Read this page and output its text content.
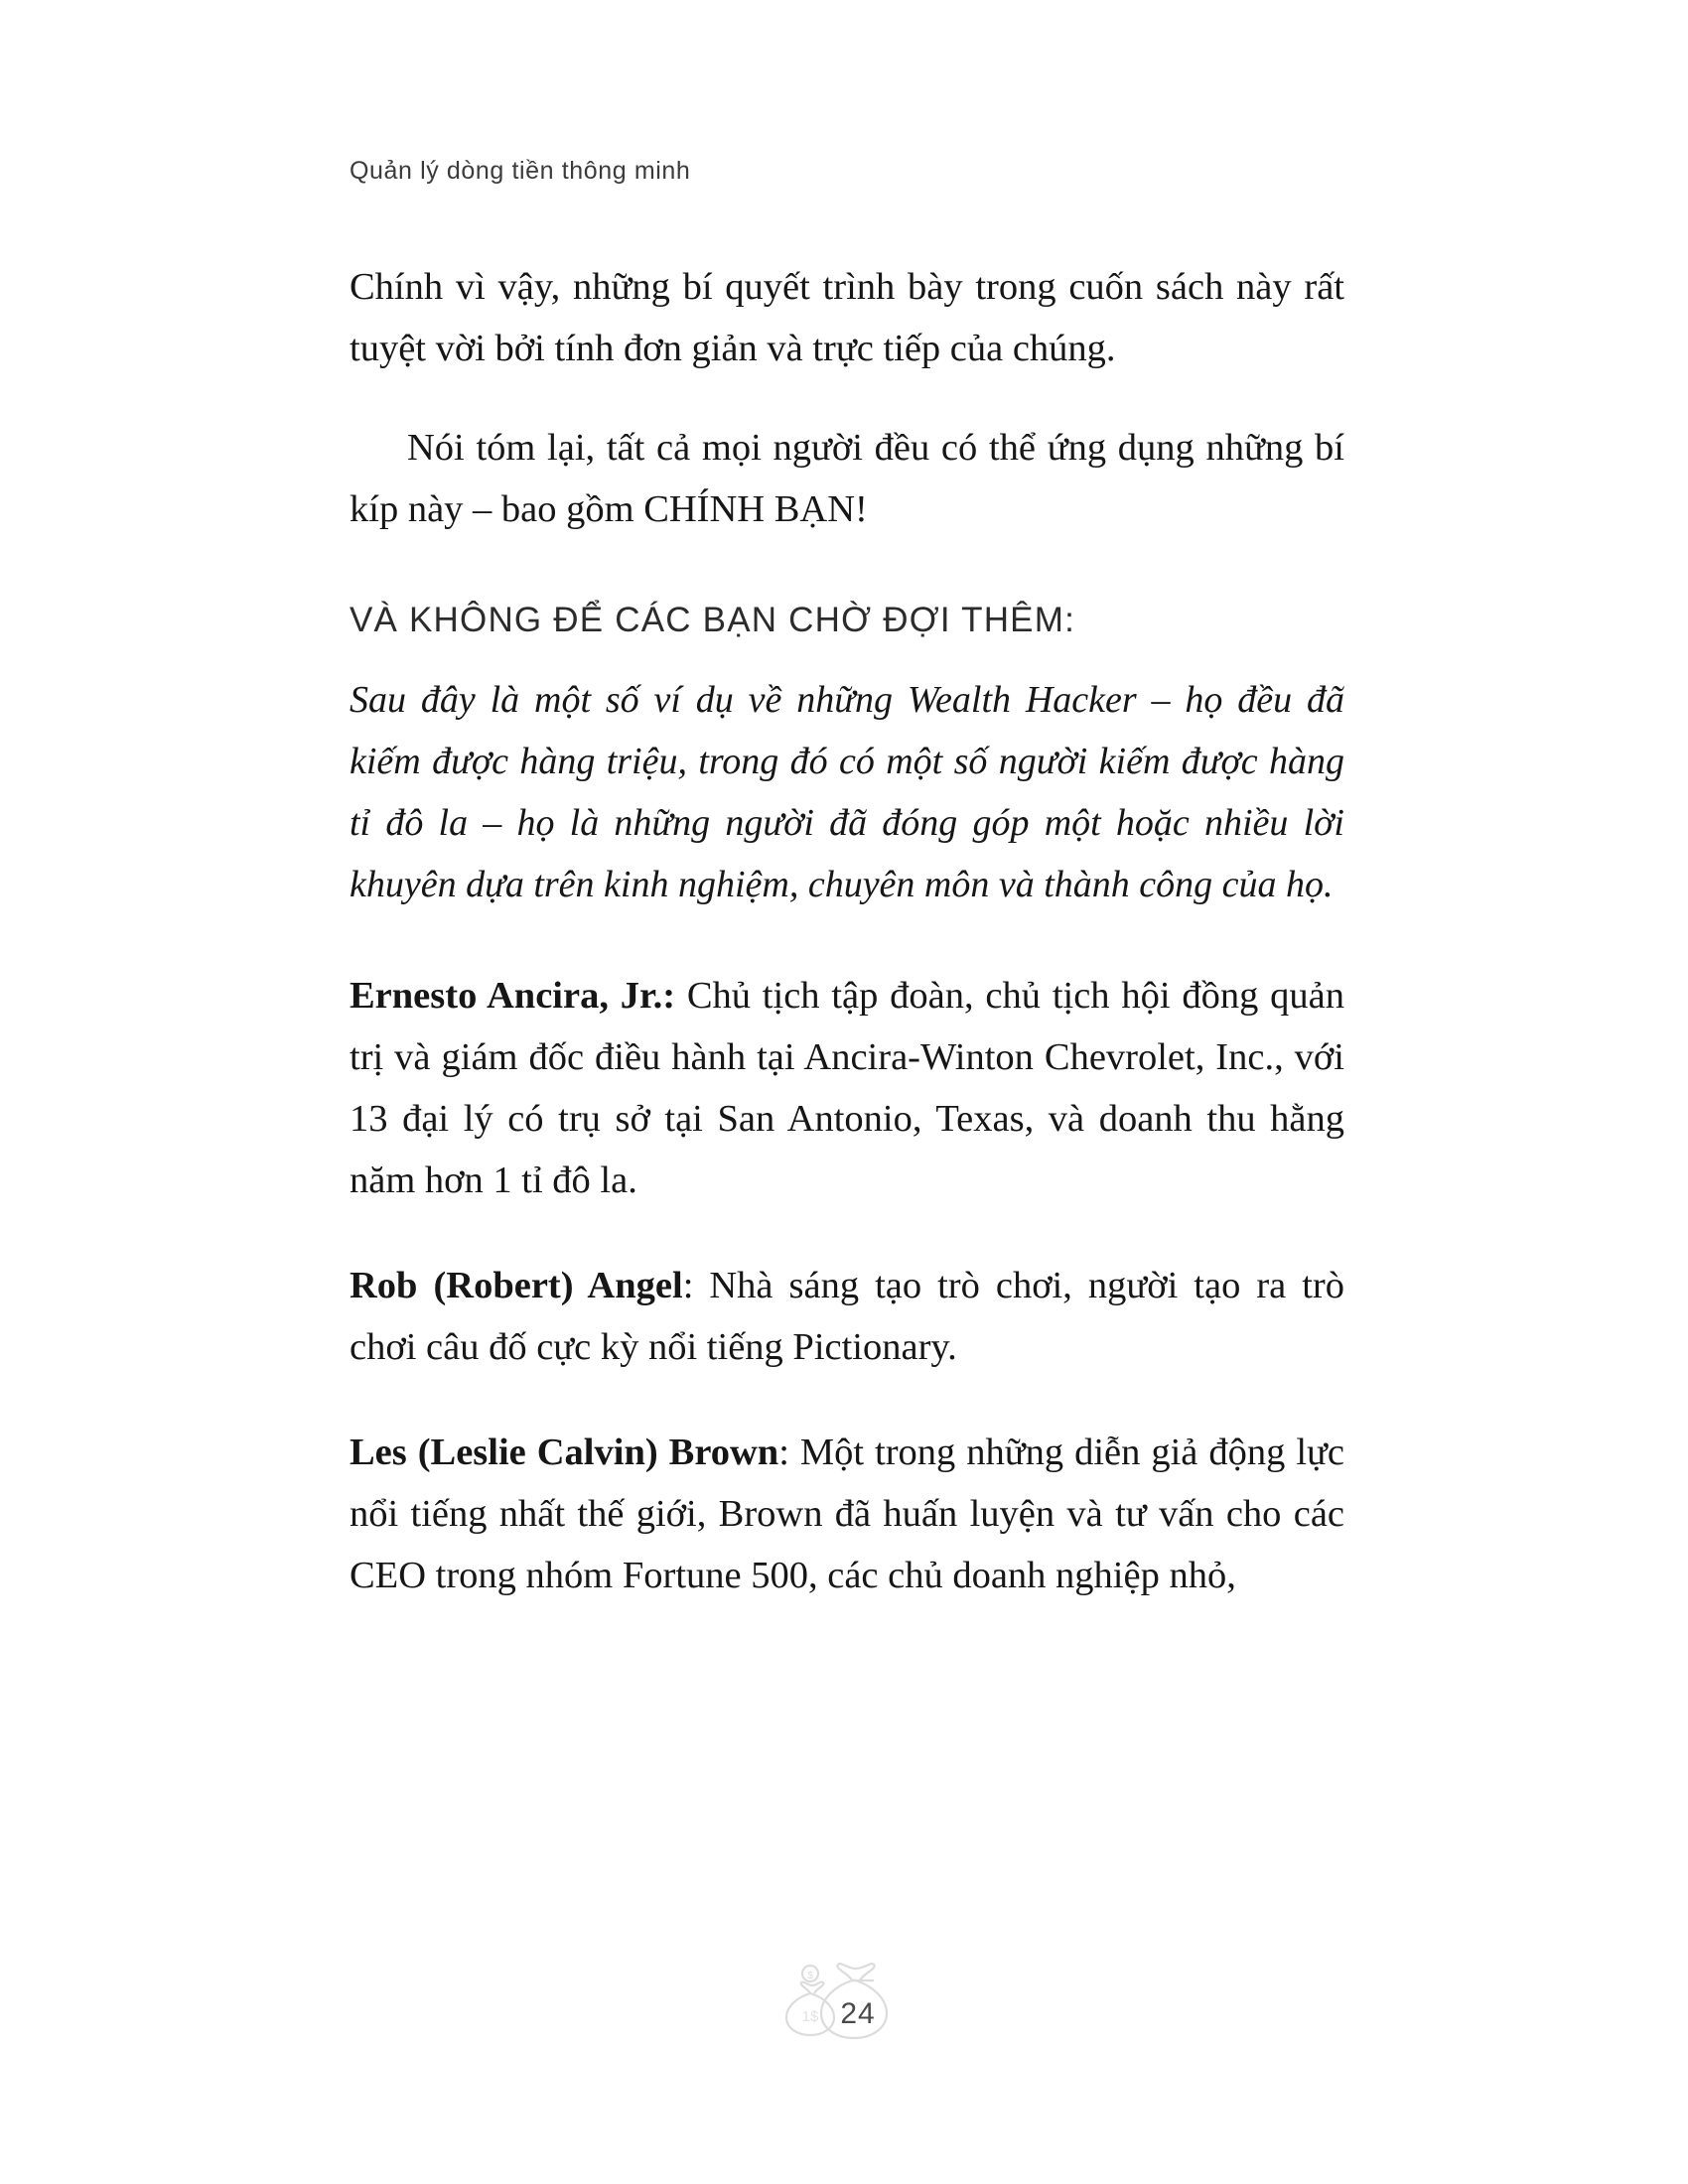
Quản lý dòng tiền thông minh

Chính vì vậy, những bí quyết trình bày trong cuốn sách này rất tuyệt vời bởi tính đơn giản và trực tiếp của chúng.

Nói tóm lại, tất cả mọi người đều có thể ứng dụng những bí kíp này – bao gồm CHÍNH BẠN!

VÀ KHÔNG ĐỂ CÁC BẠN CHỜ ĐỢI THÊM:

Sau đây là một số ví dụ về những Wealth Hacker – họ đều đã kiếm được hàng triệu, trong đó có một số người kiếm được hàng tỉ đô la – họ là những người đã đóng góp một hoặc nhiều lời khuyên dựa trên kinh nghiệm, chuyên môn và thành công của họ.

Ernesto Ancira, Jr.: Chủ tịch tập đoàn, chủ tịch hội đồng quản trị và giám đốc điều hành tại Ancira-Winton Chevrolet, Inc., với 13 đại lý có trụ sở tại San Antonio, Texas, và doanh thu hằng năm hơn 1 tỉ đô la.

Rob (Robert) Angel: Nhà sáng tạo trò chơi, người tạo ra trò chơi câu đố cực kỳ nổi tiếng Pictionary.

Les (Leslie Calvin) Brown: Một trong những diễn giả động lực nổi tiếng nhất thế giới, Brown đã huấn luyện và tư vấn cho các CEO trong nhóm Fortune 500, các chủ doanh nghiệp nhỏ,

$
1$ 24
